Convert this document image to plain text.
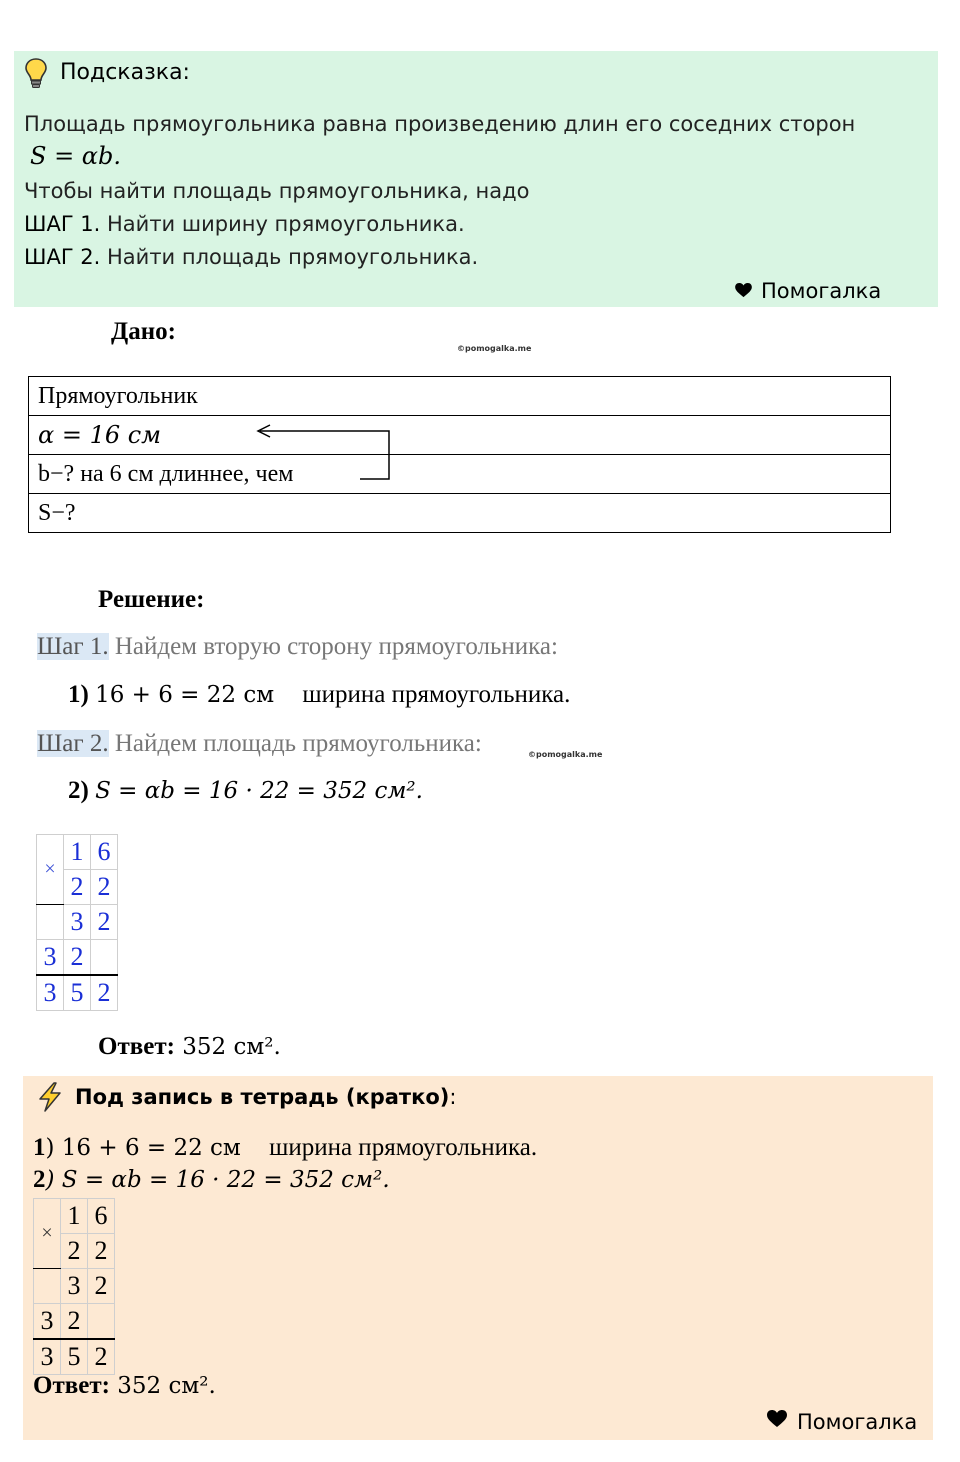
Подсказка:
Площадь прямоугольника равна произведению длин его соседних сторон
S = αb.
Чтобы найти площадь прямоугольника, надо
ШАГ 1. Найти ширину прямоугольника.
ШАГ 2. Найти площадь прямоугольника.
Помогалка
Дано:
©pomogalka.me
Прямоугольник
α = 16 см
b−? на 6 см длиннее, чем
S−?
Решение:
Шаг 1. Найдем вторую сторону прямоугольника:
1) 16 + 6 = 22 см ширина прямоугольника.
Шаг 2. Найдем площадь прямоугольника:	©pomogalka.me
2) S = αb = 16 · 22 = 352 см².
×	1	6
	2	2
	3	2
3	2	
3	5	2
Ответ: 352 см².
Под запись в тетрадь (кратко):
1) 16 + 6 = 22 см ширина прямоугольника.
2) S = αb = 16 · 22 = 352 см².
×	1	6
	2	2
	3	2
3	2	
3	5	2
Ответ: 352 см².
Помогалка
